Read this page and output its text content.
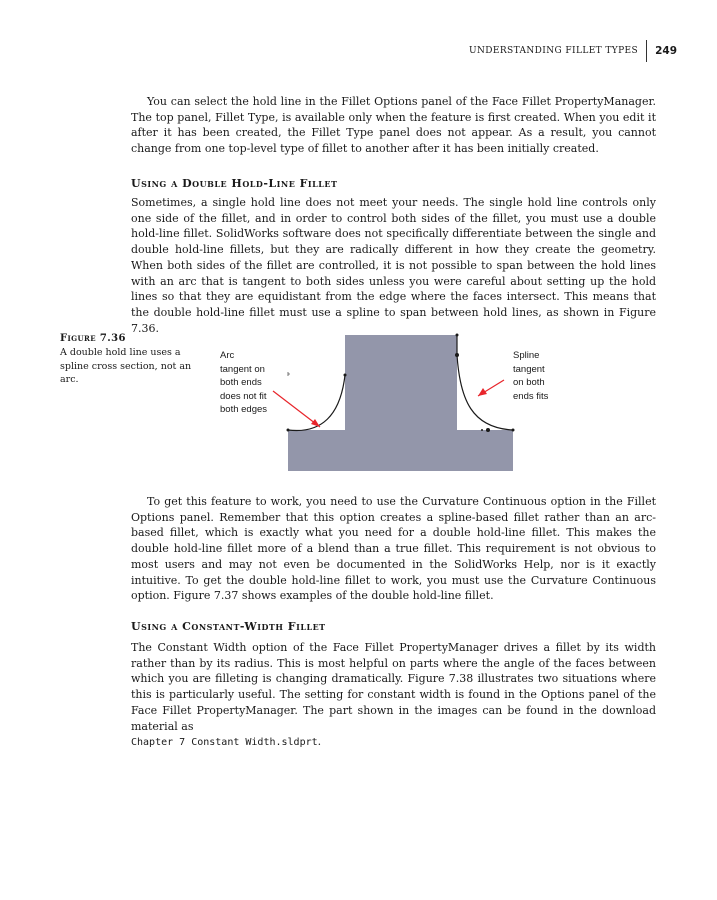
UNDERSTANDING FILLET TYPES 249

You can select the hold line in the Fillet Options panel of the Face Fillet PropertyManager. The top panel, Fillet Type, is available only when the feature is first created. When you edit it after it has been created, the Fillet Type panel does not appear. As a result, you cannot change from one top-level type of fillet to another after it has been initially created.

Using a Double Hold-Line Fillet

Sometimes, a single hold line does not meet your needs. The single hold line controls only one side of the fillet, and in order to control both sides of the fillet, you must use a double hold-line fillet. SolidWorks software does not specifically differentiate between the single and double hold-line fillets, but they are radically different in how they create the geometry. When both sides of the fillet are controlled, it is not possible to span between the hold lines with an arc that is tangent to both sides unless you were careful about setting up the hold lines so that they are equidistant from the edge where the faces intersect. This means that the double hold-line fillet must use a spline to span between hold lines, as shown in Figure 7.36.

Figure 7.36

A double hold line uses a spline cross section, not an arc.

Arc
tangent on
both ends
does not fit
both edges

Spline
tangent
on both
ends fits

To get this feature to work, you need to use the Curvature Continuous option in the Fillet Options panel. Remember that this option creates a spline-based fillet rather than an arc-based fillet, which is exactly what you need for a double hold-line fillet. This makes the double hold-line fillet more of a blend than a true fillet. This requirement is not obvious to most users and may not even be documented in the SolidWorks Help, nor is it exactly intuitive. To get the double hold-line fillet to work, you must use the Curvature Continuous option. Figure 7.37 shows examples of the double hold-line fillet.

Using a Constant-Width Fillet

The Constant Width option of the Face Fillet PropertyManager drives a fillet by its width rather than by its radius. This is most helpful on parts where the angle of the faces between which you are filleting is changing dramatically. Figure 7.38 illustrates two situations where this is particularly useful. The setting for constant width is found in the Options panel of the Face Fillet PropertyManager. The part shown in the images can be found in the download material as
Chapter 7 Constant Width.sldprt.
